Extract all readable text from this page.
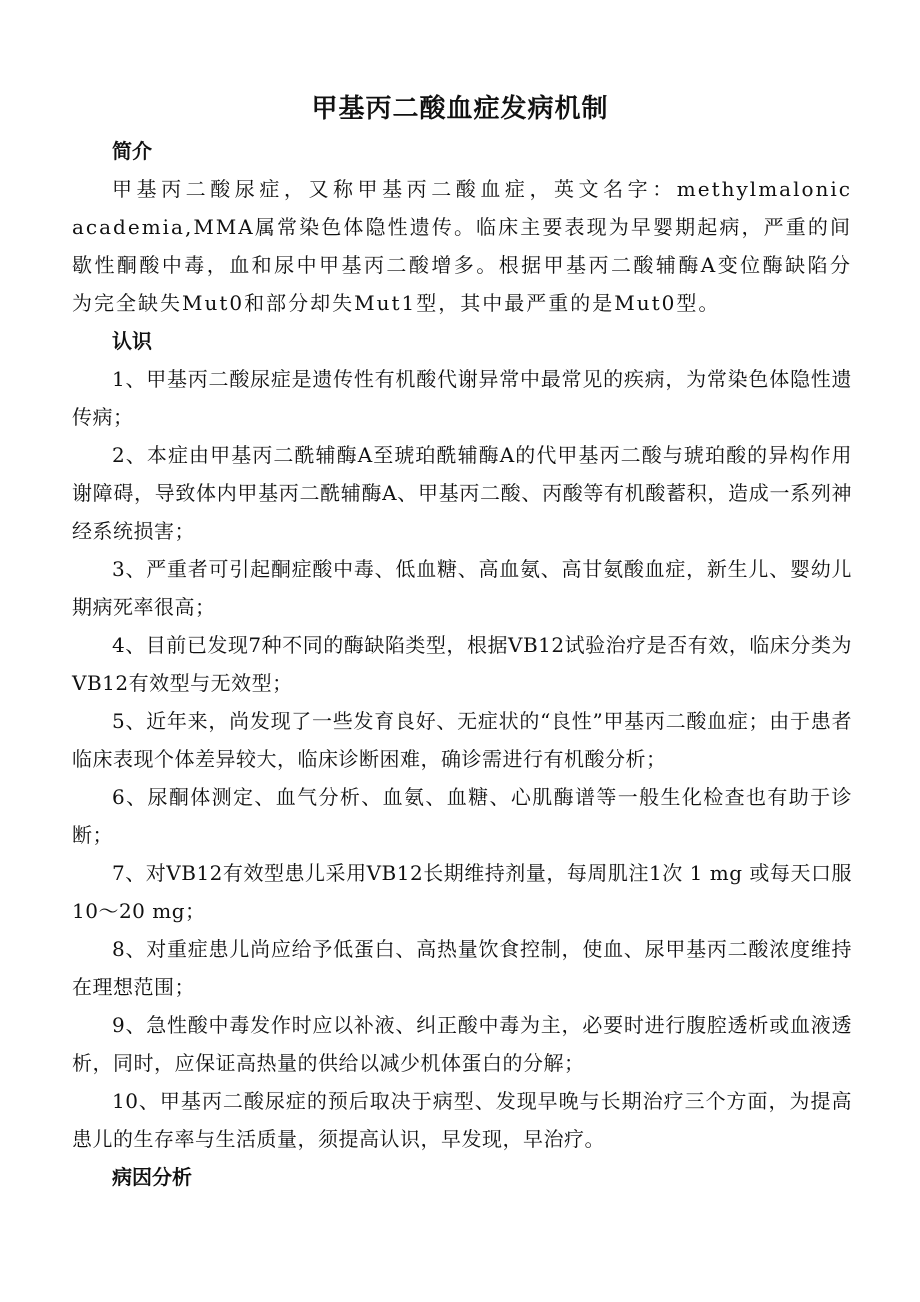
甲基丙二酸血症发病机制

简介

甲基丙二酸尿症，又称甲基丙二酸血症，英文名字：methylmalonic academia,MMA属常染色体隐性遗传。临床主要表现为早婴期起病，严重的间歇性酮酸中毒，血和尿中甲基丙二酸增多。根据甲基丙二酸辅酶A变位酶缺陷分为完全缺失Mut0和部分却失Mut1型，其中最严重的是Mut0型。

认识

1、甲基丙二酸尿症是遗传性有机酸代谢异常中最常见的疾病，为常染色体隐性遗传病；

2、本症由甲基丙二酰辅酶A至琥珀酰辅酶A的代甲基丙二酸与琥珀酸的异构作用谢障碍，导致体内甲基丙二酰辅酶A、甲基丙二酸、丙酸等有机酸蓄积，造成一系列神经系统损害；

3、严重者可引起酮症酸中毒、低血糖、高血氨、高甘氨酸血症，新生儿、婴幼儿期病死率很高；

4、目前已发现7种不同的酶缺陷类型，根据VB12试验治疗是否有效，临床分类为VB12有效型与无效型；

5、近年来，尚发现了一些发育良好、无症状的“良性”甲基丙二酸血症；由于患者临床表现个体差异较大，临床诊断困难，确诊需进行有机酸分析；

6、尿酮体测定、血气分析、血氨、血糖、心肌酶谱等一般生化检查也有助于诊断；

7、对VB12有效型患儿采用VB12长期维持剂量，每周肌注1次 1 mg 或每天口服10～20 mg；

8、对重症患儿尚应给予低蛋白、高热量饮食控制，使血、尿甲基丙二酸浓度维持在理想范围；

9、急性酸中毒发作时应以补液、纠正酸中毒为主，必要时进行腹腔透析或血液透析，同时，应保证高热量的供给以减少机体蛋白的分解；

10、甲基丙二酸尿症的预后取决于病型、发现早晚与长期治疗三个方面，为提高患儿的生存率与生活质量，须提高认识，早发现，早治疗。

病因分析
